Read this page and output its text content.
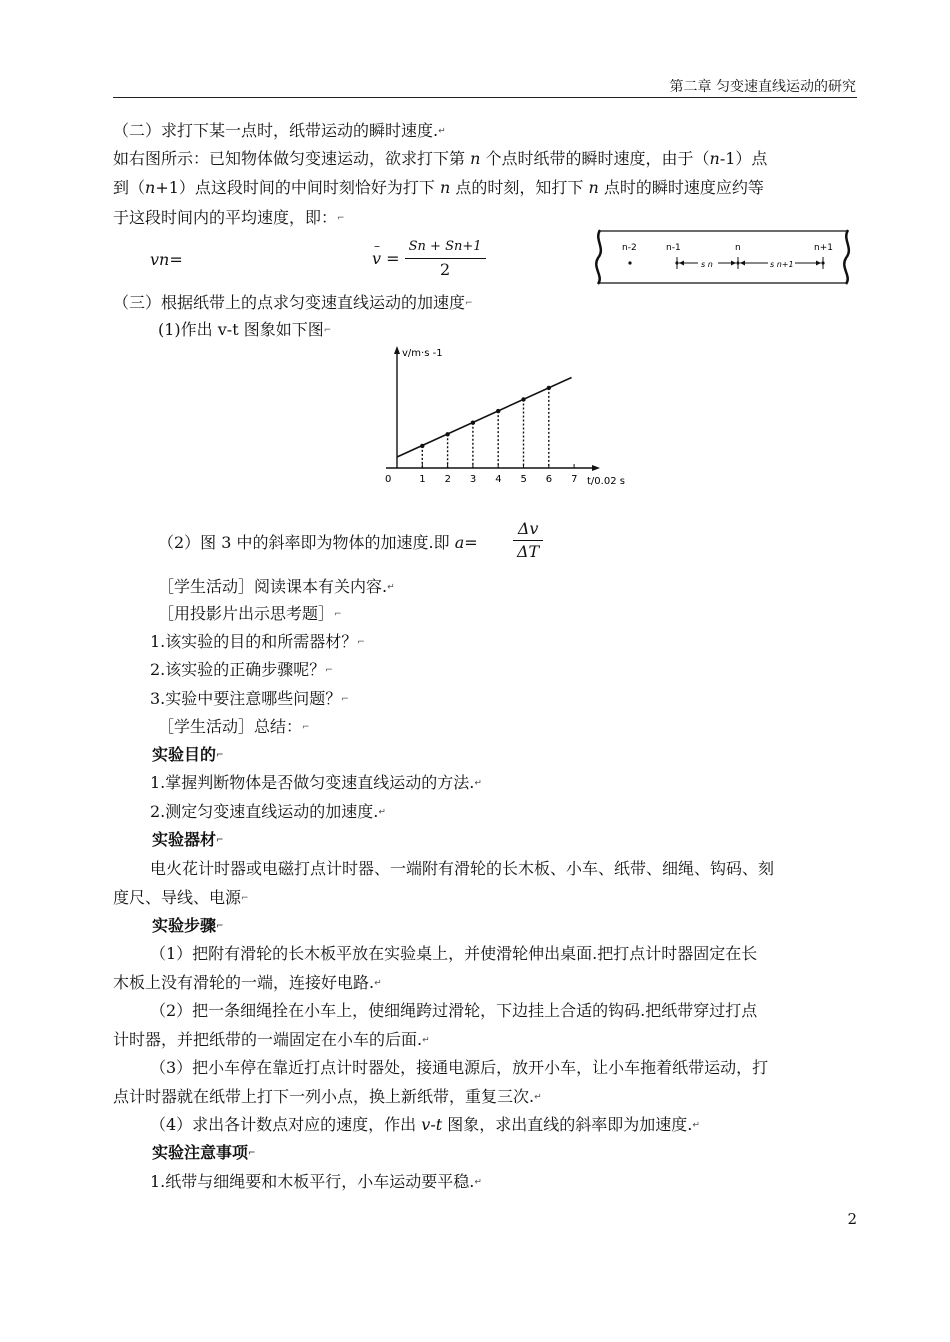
第二章 匀变速直线运动的研究
（二）求打下某一点时，纸带运动的瞬时速度.↵
如右图所示：已知物体做匀变速运动，欲求打下第 n 个点时纸带的瞬时速度，由于（n-1）点
到（n+1）点这段时间的中间时刻恰好为打下 n 点的时刻，知打下 n 点时的瞬时速度应约等
于这段时间内的平均速度，即：⌐
vn=
–
$v = \frac{Sn + Sn+1}{2}$	n-2	n-1	n	n+1
s n	s n+1
（三）根据纸带上的点求匀变速直线运动的加速度⌐
(1)作出 v-t 图象如下图⌐
v/m·s -1
t/0.02 s
0	1 2 3 4 5 6 7
（2）图 3 中的斜率即为物体的加速度.即 $a= \frac{\Delta v}{\Delta T}$
［学生活动］阅读课本有关内容.↵
［用投影片出示思考题］⌐
1.该实验的目的和所需器材？⌐
2.该实验的正确步骤呢？⌐
3.实验中要注意哪些问题？⌐
［学生活动］总结：⌐
实验目的⌐
1.掌握判断物体是否做匀变速直线运动的方法.↵
2.测定匀变速直线运动的加速度.↵
实验器材⌐
电火花计时器或电磁打点计时器、一端附有滑轮的长木板、小车、纸带、细绳、钩码、刻
度尺、导线、电源⌐
实验步骤⌐
（1）把附有滑轮的长木板平放在实验桌上，并使滑轮伸出桌面.把打点计时器固定在长
木板上没有滑轮的一端，连接好电路.↵
（2）把一条细绳拴在小车上，使细绳跨过滑轮，下边挂上合适的钩码.把纸带穿过打点
计时器，并把纸带的一端固定在小车的后面.↵
（3）把小车停在靠近打点计时器处，接通电源后，放开小车，让小车拖着纸带运动，打
点计时器就在纸带上打下一列小点，换上新纸带，重复三次.↵
（4）求出各计数点对应的速度，作出 v-t 图象，求出直线的斜率即为加速度.↵
实验注意事项⌐
1.纸带与细绳要和木板平行，小车运动要平稳.↵
2
